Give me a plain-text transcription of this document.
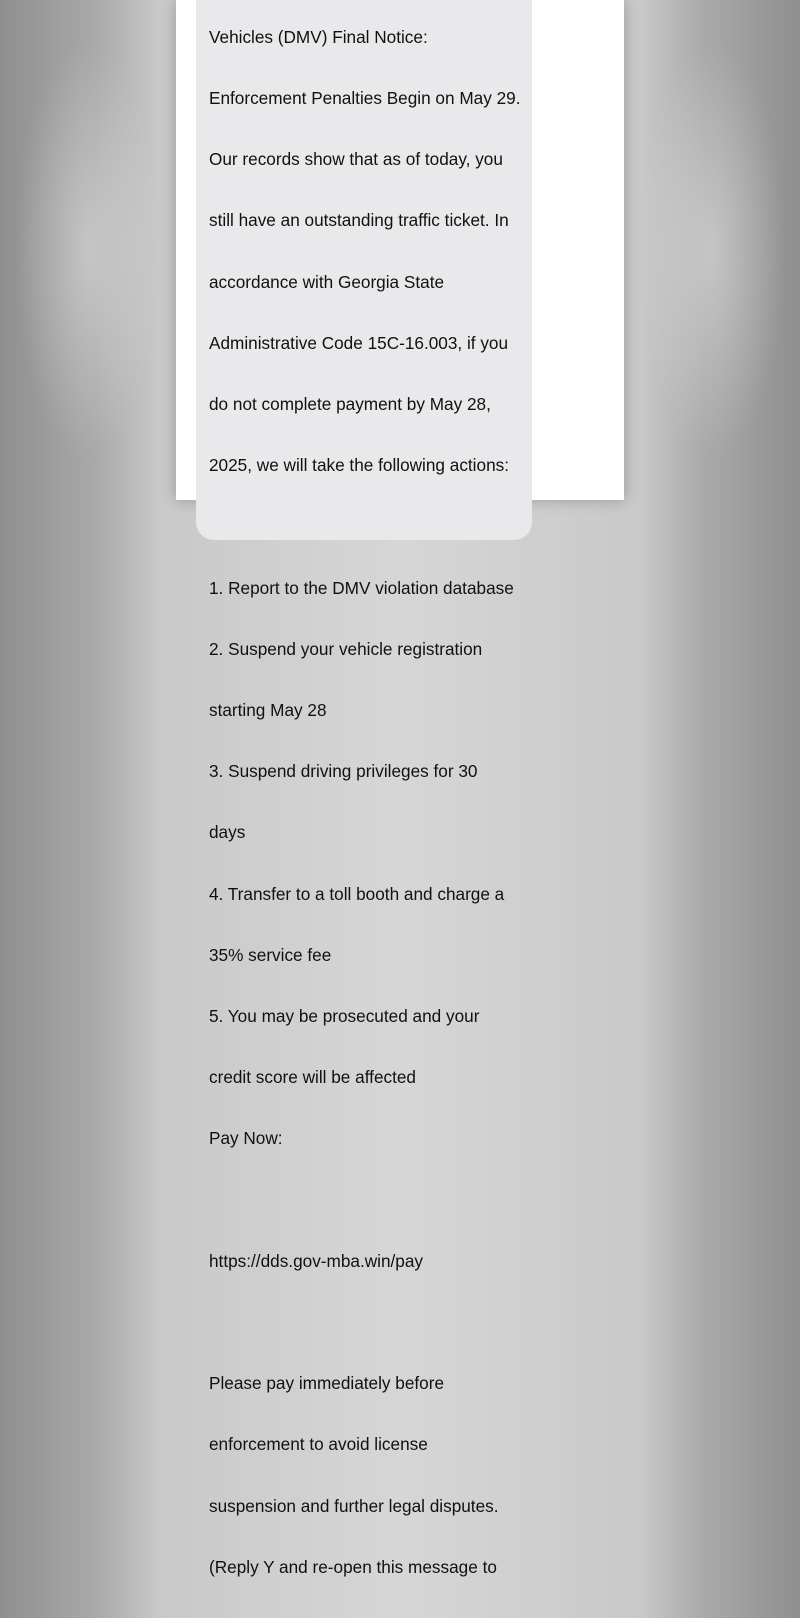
Vehicles (DMV) Final Notice:

Enforcement Penalties Begin on May 29.

Our records show that as of today, you

still have an outstanding traffic ticket. In

accordance with Georgia State

Administrative Code 15C-16.003, if you

do not complete payment by May 28,

2025, we will take the following actions:

1. Report to the DMV violation database

2. Suspend your vehicle registration

starting May 28

3. Suspend driving privileges for 30

days

4. Transfer to a toll booth and charge a

35% service fee

5. You may be prosecuted and your

credit score will be affected

Pay Now:

https://dds.gov-mba.win/pay

Please pay immediately before

enforcement to avoid license

suspension and further legal disputes.

(Reply Y and re-open this message to
